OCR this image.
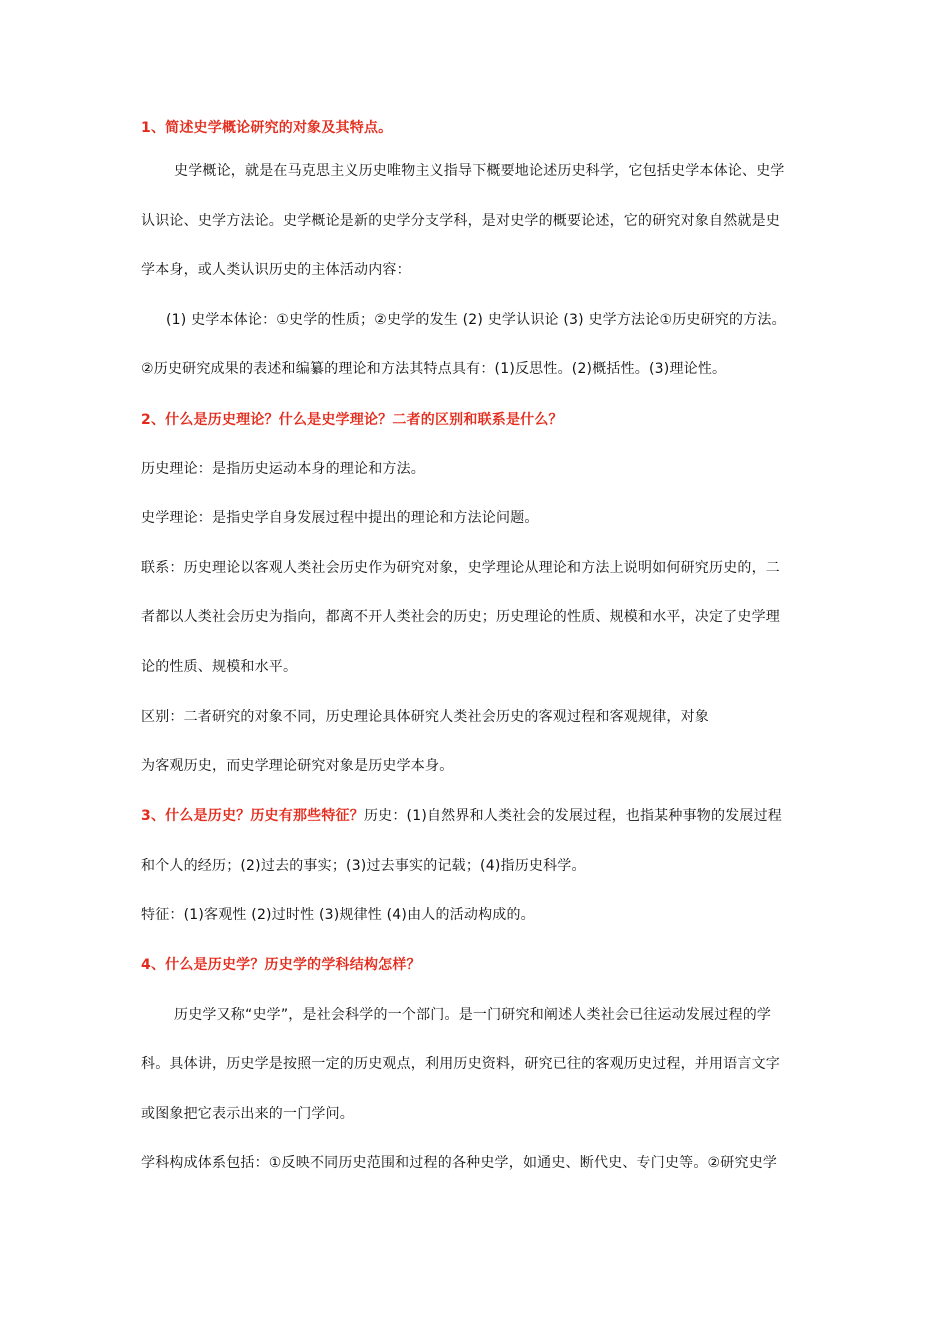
1、简述史学概论研究的对象及其特点。
史学概论，就是在马克思主义历史唯物主义指导下概要地论述历史科学，它包括史学本体论、史学
认识论、史学方法论。史学概论是新的史学分支学科，是对史学的概要论述，它的研究对象自然就是史
学本身，或人类认识历史的主体活动内容：
(1) 史学本体论：①史学的性质；②史学的发生 (2) 史学认识论 (3) 史学方法论①历史研究的方法。
②历史研究成果的表述和编纂的理论和方法其特点具有：(1)反思性。(2)概括性。(3)理论性。
2、什么是历史理论？什么是史学理论？二者的区别和联系是什么？
历史理论：是指历史运动本身的理论和方法。
史学理论：是指史学自身发展过程中提出的理论和方法论问题。
联系：历史理论以客观人类社会历史作为研究对象，史学理论从理论和方法上说明如何研究历史的，二
者都以人类社会历史为指向，都离不开人类社会的历史；历史理论的性质、规模和水平，决定了史学理
论的性质、规模和水平。
区别：二者研究的对象不同，历史理论具体研究人类社会历史的客观过程和客观规律，对象
为客观历史，而史学理论研究对象是历史学本身。
3、什么是历史？历史有那些特征？历史：(1)自然界和人类社会的发展过程，也指某种事物的发展过程
和个人的经历；(2)过去的事实；(3)过去事实的记载；(4)指历史科学。
特征：(1)客观性 (2)过时性 (3)规律性 (4)由人的活动构成的。
4、什么是历史学？历史学的学科结构怎样？
历史学又称“史学”，是社会科学的一个部门。是一门研究和阐述人类社会已往运动发展过程的学
科。具体讲，历史学是按照一定的历史观点，利用历史资料，研究已往的客观历史过程，并用语言文字
或图象把它表示出来的一门学问。
学科构成体系包括：①反映不同历史范围和过程的各种史学，如通史、断代史、专门史等。②研究史学
